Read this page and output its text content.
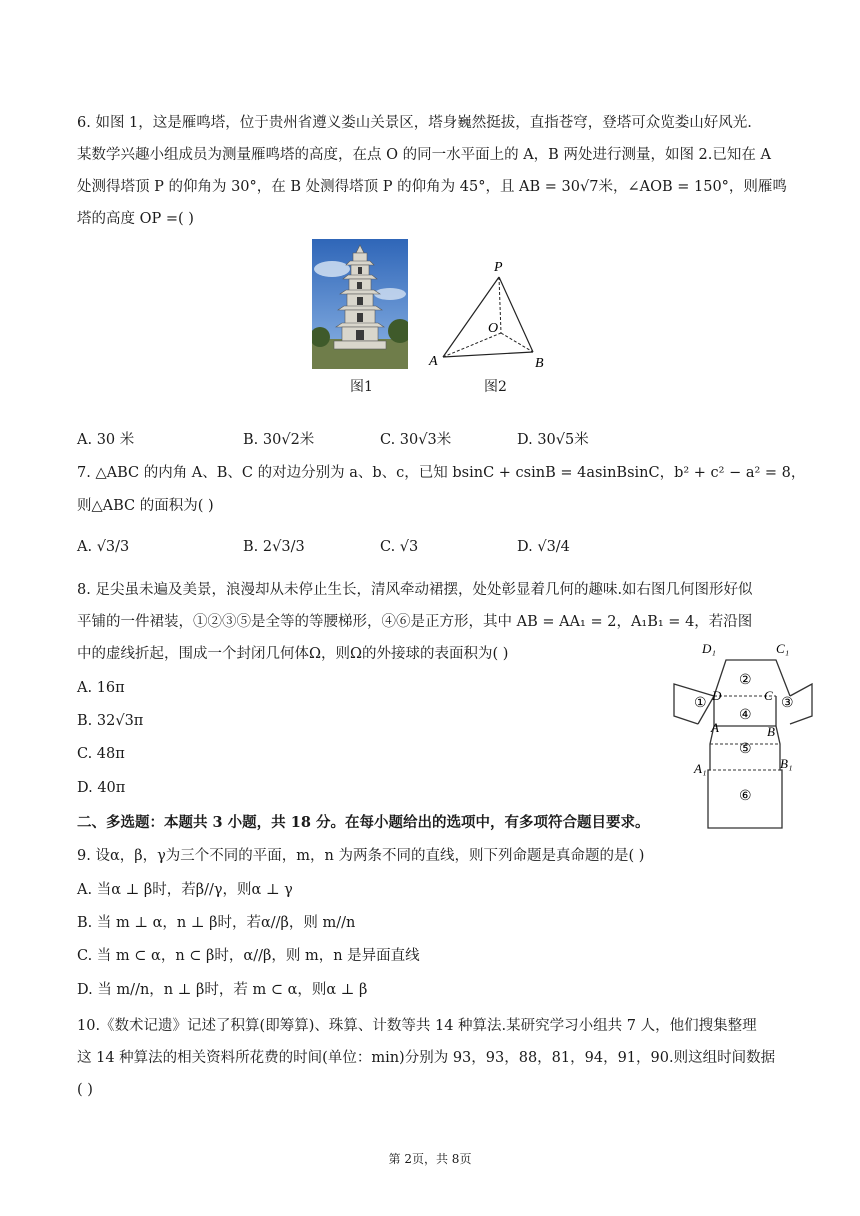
6. 如图 1，这是雁鸣塔，位于贵州省遵义娄山关景区，塔身巍然挺拔，直指苍穹，登塔可众览娄山好风光.
某数学兴趣小组成员为测量雁鸣塔的高度，在点 O 的同一水平面上的 A，B 两处进行测量，如图 2.已知在 A
处测得塔顶 P 的仰角为 30°，在 B 处测得塔顶 P 的仰角为 45°，且 AB = 30√7米，∠AOB = 150°，则雁鸣
塔的高度 OP =( )
图1
P
O
A	B
图2
A. 30 米	B. 30√2米	C. 30√3米	D. 30√5米
7. △ABC 的内角 A、B、C 的对边分别为 a、b、c，已知 bsinC + csinB = 4asinBsinC，b² + c² − a² = 8，
则△ABC 的面积为( )
A. √3/3	B. 2√3/3	C. √3	D. √3/4
8. 足尖虽未遍及美景，浪漫却从未停止生长，清风牵动裙摆，处处彰显着几何的趣味.如右图几何图形好似
平铺的一件裙装，①②③⑤是全等的等腰梯形，④⑥是正方形，其中 AB = AA₁ = 2，A₁B₁ = 4，若沿图
中的虚线折起，围成一个封闭几何体Ω，则Ω的外接球的表面积为( )
A. 16π
B. 32√3π
C. 48π
D. 40π
D₁	C₁
D	C
A	B
A₁	B₁
①
②
③
④
⑤
⑥
二、多选题：本题共 3 小题，共 18 分。在每小题给出的选项中，有多项符合题目要求。
9. 设α，β，γ为三个不同的平面，m，n 为两条不同的直线，则下列命题是真命题的是( )
A. 当α ⊥ β时，若β//γ，则α ⊥ γ
B. 当 m ⊥ α，n ⊥ β时，若α//β，则 m//n
C. 当 m ⊂ α，n ⊂ β时，α//β，则 m，n 是异面直线
D. 当 m//n，n ⊥ β时，若 m ⊂ α，则α ⊥ β
10.《数术记遗》记述了积算(即筹算)、珠算、计数等共 14 种算法.某研究学习小组共 7 人，他们搜集整理
这 14 种算法的相关资料所花费的时间(单位：min)分别为 93，93，88，81，94，91，90.则这组时间数据
( )
第 2页，共 8页
